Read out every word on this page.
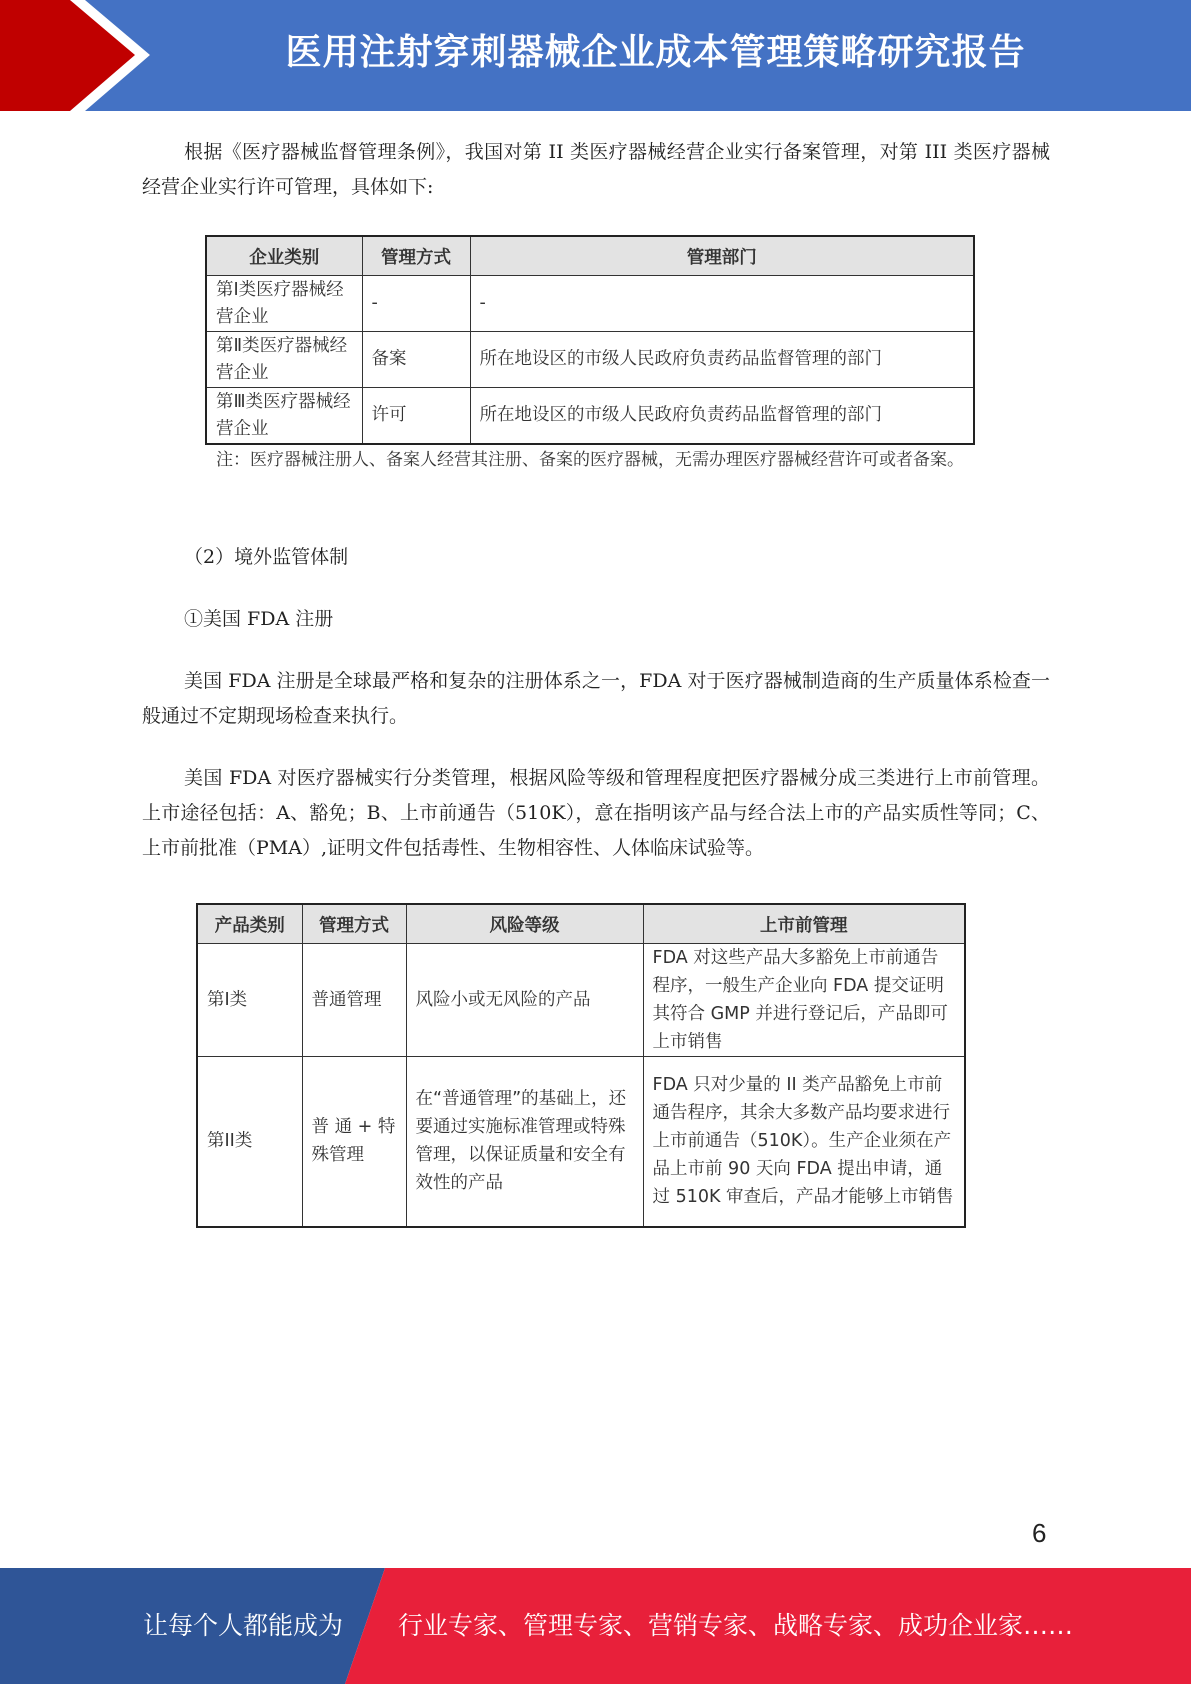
医用注射穿刺器械企业成本管理策略研究报告

根据《医疗器械监督管理条例》，我国对第 II 类医疗器械经营企业实行备案管理，对第 III 类医疗器械经营企业实行许可管理，具体如下:

企业类别	管理方式	管理部门
第Ⅰ类医疗器械经营企业	-	-
第Ⅱ类医疗器械经营企业	备案	所在地设区的市级人民政府负责药品监督管理的部门
第Ⅲ类医疗器械经营企业	许可	所在地设区的市级人民政府负责药品监督管理的部门
注：医疗器械注册人、备案人经营其注册、备案的医疗器械，无需办理医疗器械经营许可或者备案。

（2）境外监管体制

①美国 FDA 注册

美国 FDA 注册是全球最严格和复杂的注册体系之一，FDA 对于医疗器械制造商的生产质量体系检查一般通过不定期现场检查来执行。

美国 FDA 对医疗器械实行分类管理，根据风险等级和管理程度把医疗器械分成三类进行上市前管理。上市途径包括：A、豁免；B、上市前通告（510K），意在指明该产品与经合法上市的产品实质性等同；C、上市前批准（PMA）,证明文件包括毒性、生物相容性、人体临床试验等。

产品类别	管理方式	风险等级	上市前管理
第I类	普通管理	风险小或无风险的产品	FDA 对这些产品大多豁免上市前通告程序，一般生产企业向 FDA 提交证明其符合 GMP 并进行登记后，产品即可上市销售
第II类	普 通 + 特殊管理	在“普通管理”的基础上，还要通过实施标准管理或特殊管理，以保证质量和安全有效性的产品	FDA 只对少量的 II 类产品豁免上市前通告程序，其余大多数产品均要求进行上市前通告（510K）。生产企业须在产品上市前 90 天向 FDA 提出申请，通过 510K 审查后，产品才能够上市销售
6
让每个人都能成为 行业专家、管理专家、营销专家、战略专家、成功企业家……
